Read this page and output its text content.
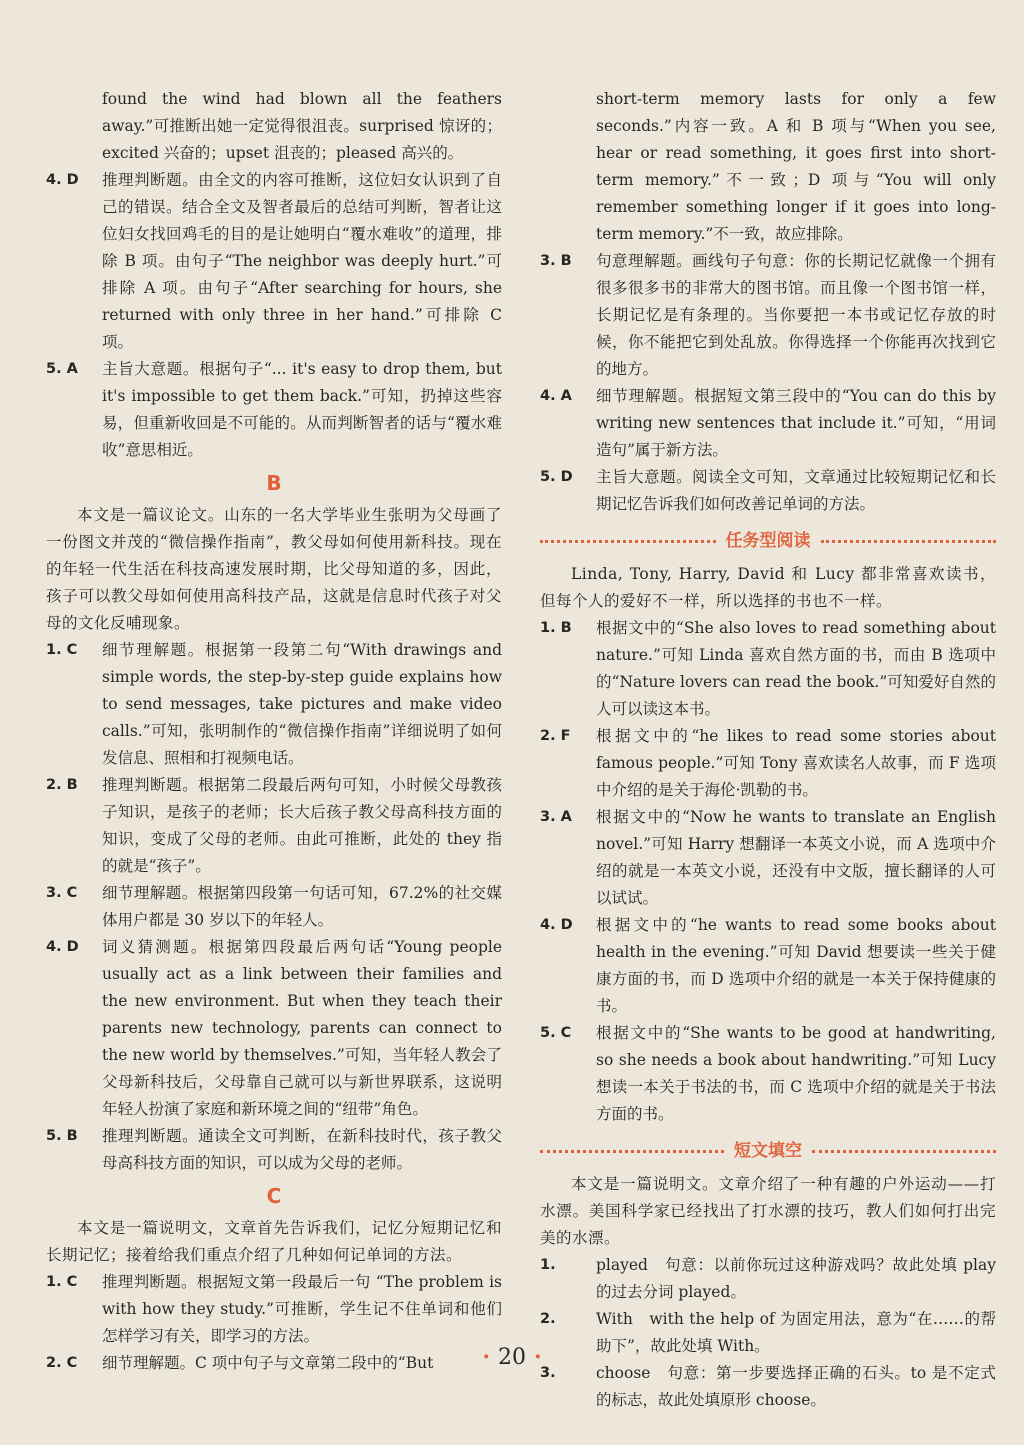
found the wind had blown all the feathers away.”可推断出她一定觉得很沮丧。surprised 惊讶的；excited 兴奋的；upset 沮丧的；pleased 高兴的。
4. D	推理判断题。由全文的内容可推断，这位妇女认识到了自己的错误。结合全文及智者最后的总结可判断，智者让这位妇女找回鸡毛的目的是让她明白“覆水难收”的道理，排除 B 项。由句子“The neighbor was deeply hurt.”可排除 A 项。由句子“After searching for hours, she returned with only three in her hand.”可排除 C 项。
5. A	主旨大意题。根据句子“... it's easy to drop them, but it's impossible to get them back.”可知，扔掉这些容易，但重新收回是不可能的。从而判断智者的话与“覆水难收”意思相近。
B
本文是一篇议论文。山东的一名大学毕业生张明为父母画了一份图文并茂的“微信操作指南”，教父母如何使用新科技。现在的年轻一代生活在科技高速发展时期，比父母知道的多，因此，孩子可以教父母如何使用高科技产品，这就是信息时代孩子对父母的文化反哺现象。
1. C	细节理解题。根据第一段第二句“With drawings and simple words, the step-by-step guide explains how to send messages, take pictures and make video calls.”可知，张明制作的“微信操作指南”详细说明了如何发信息、照相和打视频电话。
2. B	推理判断题。根据第二段最后两句可知，小时候父母教孩子知识，是孩子的老师；长大后孩子教父母高科技方面的知识，变成了父母的老师。由此可推断，此处的 they 指的就是“孩子”。
3. C	细节理解题。根据第四段第一句话可知，67.2%的社交媒体用户都是 30 岁以下的年轻人。
4. D	词义猜测题。根据第四段最后两句话“Young people usually act as a link between their families and the new environment. But when they teach their parents new technology, parents can connect to the new world by themselves.”可知，当年轻人教会了父母新科技后，父母靠自己就可以与新世界联系，这说明年轻人扮演了家庭和新环境之间的“纽带”角色。
5. B	推理判断题。通读全文可判断，在新科技时代，孩子教父母高科技方面的知识，可以成为父母的老师。
C
本文是一篇说明文，文章首先告诉我们，记忆分短期记忆和长期记忆；接着给我们重点介绍了几种如何记单词的方法。
1. C	推理判断题。根据短文第一段最后一句 “The problem is with how they study.”可推断，学生记不住单词和他们怎样学习有关，即学习的方法。
2. C	细节理解题。C 项中句子与文章第二段中的“But
short-term memory lasts for only a few seconds.”内容一致。A 和 B 项与“When you see, hear or read something, it goes first into short-term memory.”不一致；D 项与“You will only remember something longer if it goes into long-term memory.”不一致，故应排除。
3. B	句意理解题。画线句子句意：你的长期记忆就像一个拥有很多很多书的非常大的图书馆。而且像一个图书馆一样，长期记忆是有条理的。当你要把一本书或记忆存放的时候，你不能把它到处乱放。你得选择一个你能再次找到它的地方。
4. A	细节理解题。根据短文第三段中的“You can do this by writing new sentences that include it.”可知，“用词造句”属于新方法。
5. D	主旨大意题。阅读全文可知，文章通过比较短期记忆和长期记忆告诉我们如何改善记单词的方法。
任务型阅读
Linda, Tony, Harry, David 和 Lucy 都非常喜欢读书，但每个人的爱好不一样，所以选择的书也不一样。
1. B	根据文中的“She also loves to read something about nature.”可知 Linda 喜欢自然方面的书，而由 B 选项中的“Nature lovers can read the book.”可知爱好自然的人可以读这本书。
2. F	根据文中的“he likes to read some stories about famous people.”可知 Tony 喜欢读名人故事，而 F 选项中介绍的是关于海伦·凯勒的书。
3. A	根据文中的“Now he wants to translate an English novel.”可知 Harry 想翻译一本英文小说，而 A 选项中介绍的就是一本英文小说，还没有中文版，擅长翻译的人可以试试。
4. D	根据文中的“he wants to read some books about health in the evening.”可知 David 想要读一些关于健康方面的书，而 D 选项中介绍的就是一本关于保持健康的书。
5. C	根据文中的“She wants to be good at handwriting, so she needs a book about handwriting.”可知 Lucy 想读一本关于书法的书，而 C 选项中介绍的就是关于书法方面的书。
短文填空
本文是一篇说明文。文章介绍了一种有趣的户外运动——打水漂。美国科学家已经找出了打水漂的技巧，教人们如何打出完美的水漂。
1.	played　句意：以前你玩过这种游戏吗？故此处填 play 的过去分词 played。
2.	With　with the help of 为固定用法，意为“在……的帮助下”，故此处填 With。
3.	choose　句意：第一步要选择正确的石头。to 是不定式的标志，故此处填原形 choose。
· 20 ·
